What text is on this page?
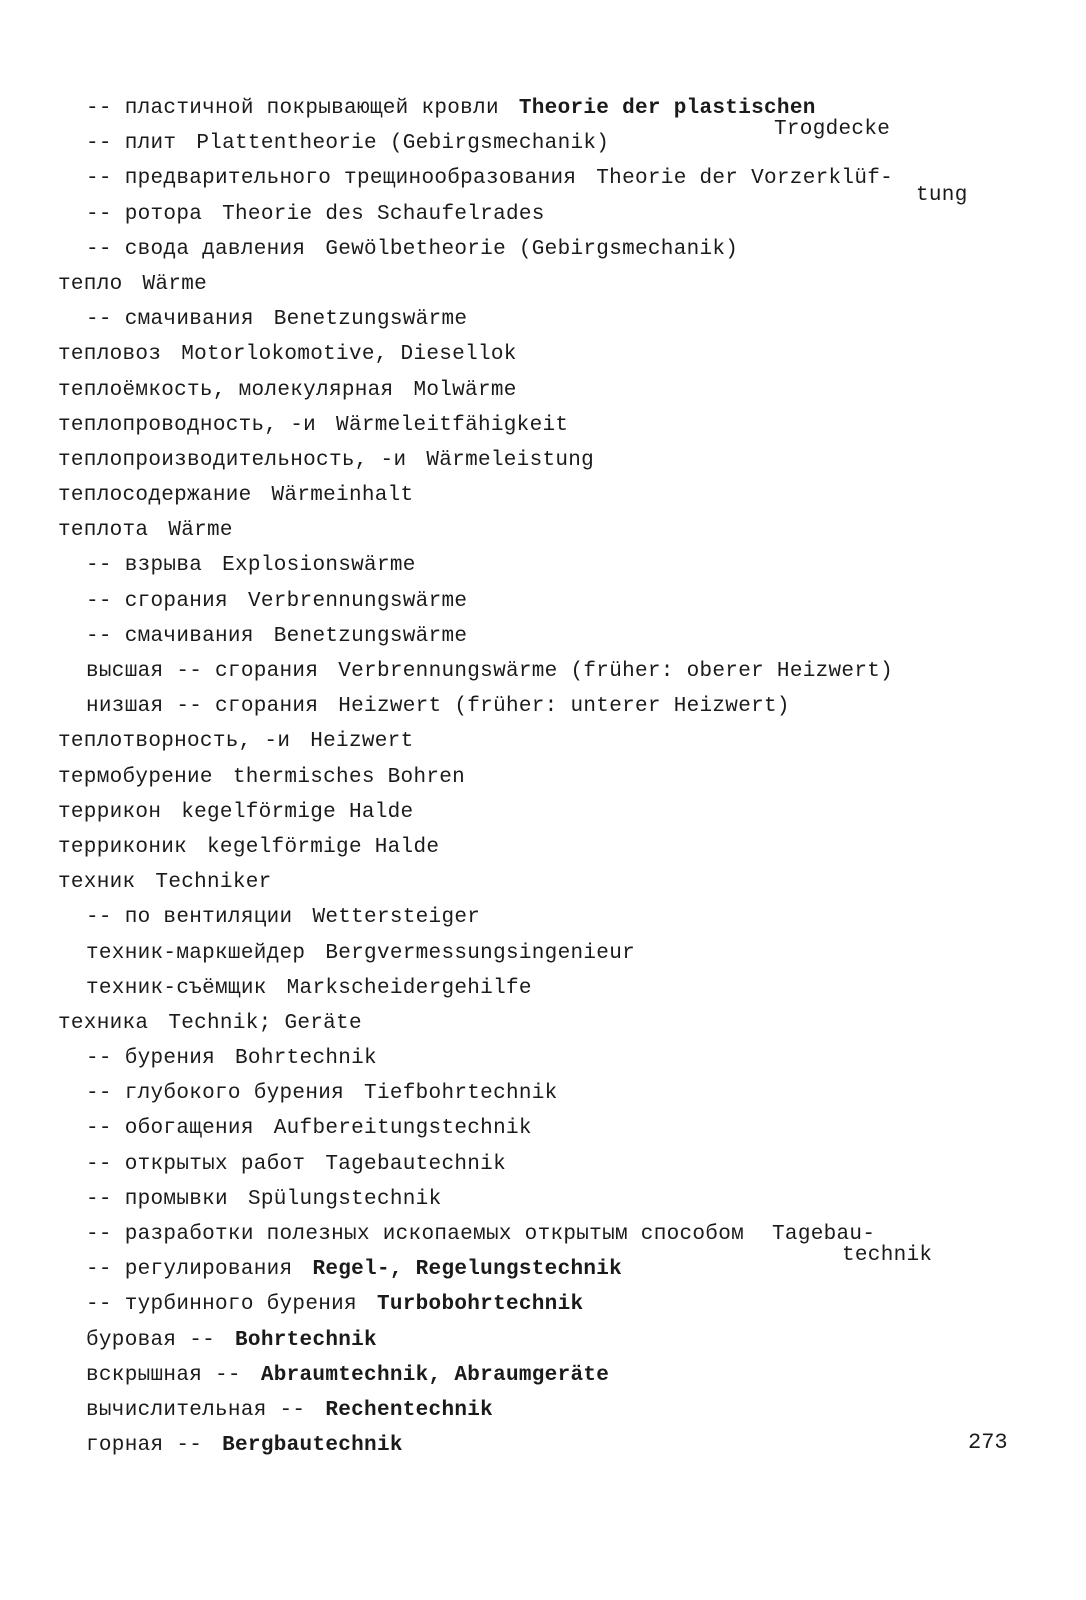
-- пластичной покрывающей кровли Theorie der plastischen
Trogdecke
-- плит Plattentheorie (Gebirgsmechanik)
-- предварительного трещинообразования Theorie der Vorzerklüf-
tung
-- ротора Theorie des Schaufelrades
-- свода давления Gewölbetheorie (Gebirgsmechanik)
тепло Wärme
-- смачивания Benetzungswärme
тепловоз Motorlokomotive, Diesellok
теплоёмкость, молекулярная Molwärme
теплопроводность, -и Wärmeleitfähigkeit
теплопроизводительность, -и Wärmeleistung
теплосодержание Wärmeinhalt
теплота Wärme
-- взрыва Explosionswärme
-- сгорания Verbrennungswärme
-- смачивания Benetzungswärme
высшая -- сгорания Verbrennungswärme (früher: oberer Heizwert)
низшая -- сгорания Heizwert (früher: unterer Heizwert)
теплотворность, -и Heizwert
термобурение thermisches Bohren
террикон kegelförmige Halde
терриконик kegelförmige Halde
техник Techniker
-- по вентиляции Wettersteiger
техник-маркшейдер Bergvermessungsingenieur
техник-съёмщик Markscheidergehilfe
техника Technik; Geräte
-- бурения Bohrtechnik
-- глубокого бурения Tiefbohrtechnik
-- обогащения Aufbereitungstechnik
-- открытых работ Tagebautechnik
-- промывки Spülungstechnik
-- разработки полезных ископаемых открытым способом Tagebau-
technik
-- регулирования Regel-, Regelungstechnik
-- турбинного бурения Turbobohrtechnik
буровая -- Bohrtechnik
вскрышная -- Abraumtechnik, Abraumgeräte
вычислительная -- Rechentechnik
горная -- Bergbautechnik	273
